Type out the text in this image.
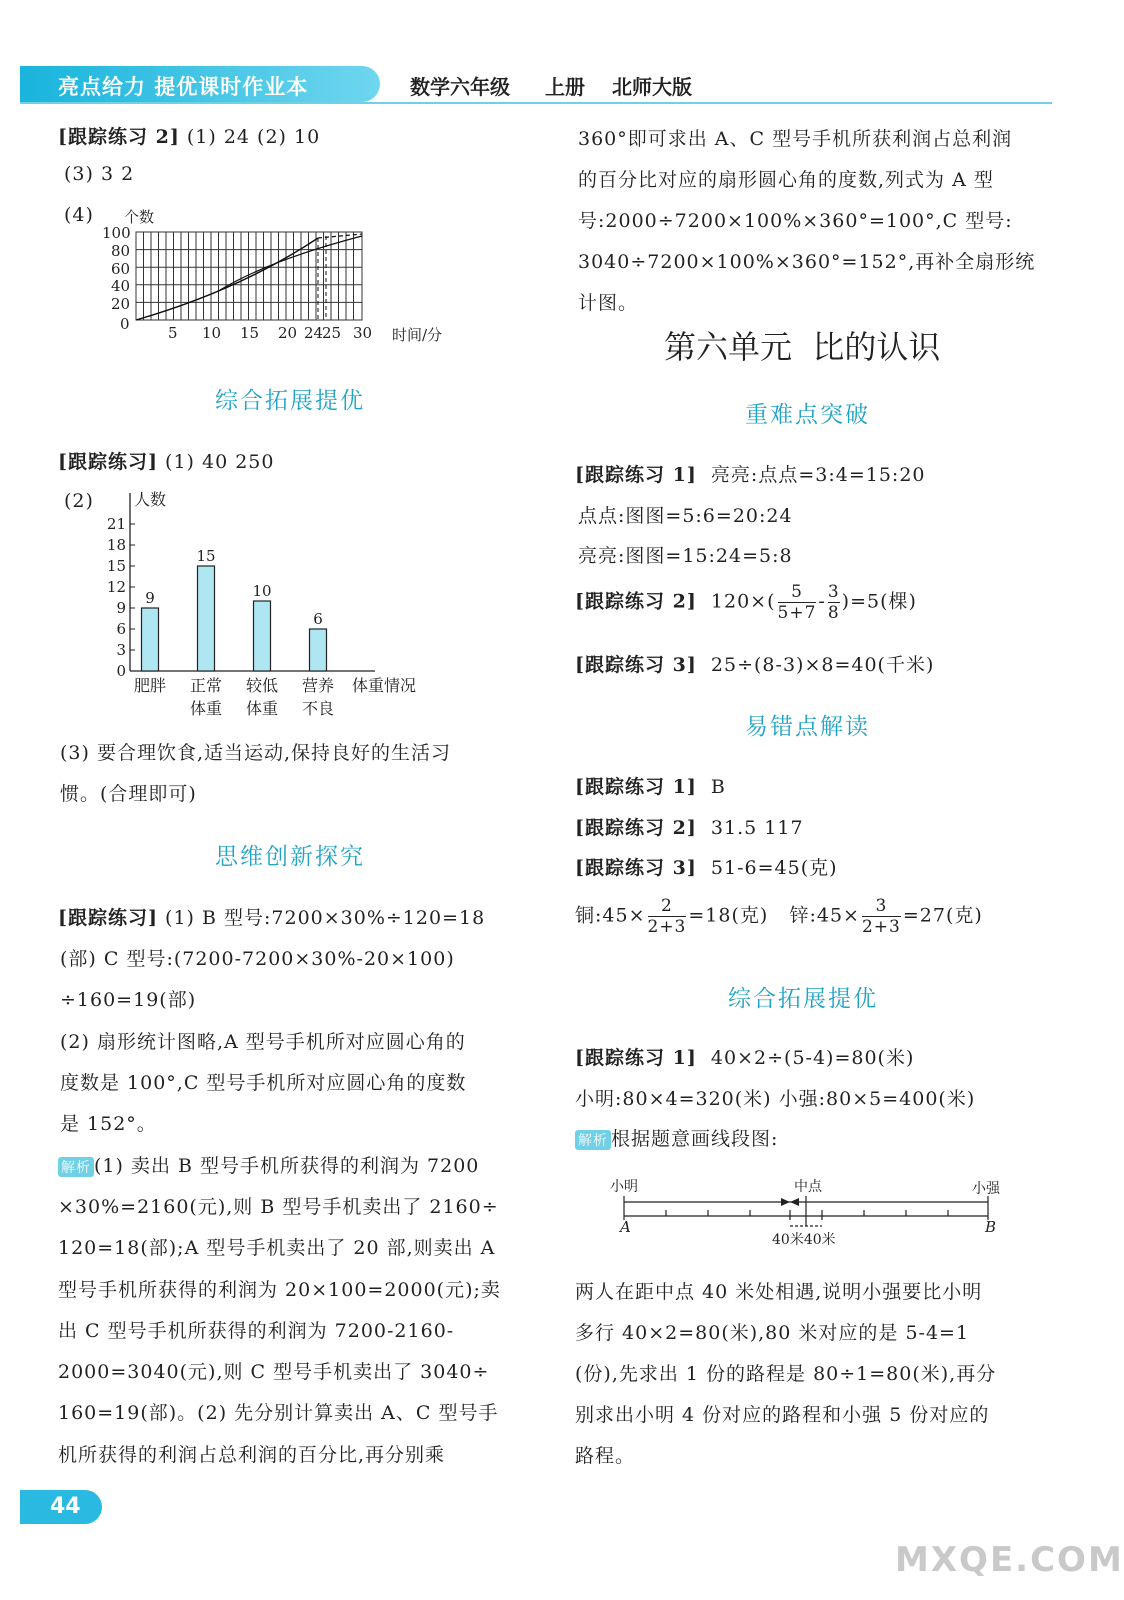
亮点给力 提优课时作业本	数学六年级 上册 北师大版
[跟踪练习 2] (1) 24 (2) 10
(3) 3 2
(4) 个数
100
80
60
40
20
0	5 10 15 20 24
25 30 时间/分
综合拓展提优
[跟踪练习] (1) 40 250
(2)	人数
体重情况
21
18
15
12
9
6
3
0
9
肥胖
15
正常
体重
10
较低
体重
6
营养
不良
(3) 要合理饮食,适当运动,保持良好的生活习
惯。(合理即可)
思维创新探究
[跟踪练习] (1) B 型号:7200×30%÷120=18
(部) C 型号:(7200-7200×30%-20×100)
÷160=19(部)
(2) 扇形统计图略,A 型号手机所对应圆心角的
度数是 100°,C 型号手机所对应圆心角的度数
是 152°。
解析 (1) 卖出 B 型号手机所获得的利润为 7200
×30%=2160(元),则 B 型号手机卖出了 2160÷
120=18(部);A 型号手机卖出了 20 部,则卖出 A
型号手机所获得的利润为 20×100=2000(元);卖
出 C 型号手机所获得的利润为 7200-2160-
2000=3040(元),则 C 型号手机卖出了 3040÷
160=19(部)。(2) 先分别计算卖出 A、C 型号手
机所获得的利润占总利润的百分比,再分别乘
360°即可求出 A、C 型号手机所获利润占总利润
的百分比对应的扇形圆心角的度数,列式为 A 型
号:2000÷7200×100%×360°=100°,C 型号:
3040÷7200×100%×360°=152°,再补全扇形统
计图。
第六单元  比的认识
重难点突破
[跟踪练习 1] 亮亮:点点=3:4=15:20
点点:图图=5:6=20:24
亮亮:图图=15:24=5:8
[跟踪练习 2] $120\times( \frac{5}{5+7} - \frac{3}{8} )=5$(棵)
[跟踪练习 3] 25÷(8-3)×8=40(千米)
易错点解读
[跟踪练习 1] B
[跟踪练习 2] 31.5 117
[跟踪练习 3] 51-6=45(克)
铜:45× $\frac{2}{2+3} =18$(克) 锌:45× $\frac{3}{2+3} =27$(克)
综合拓展提优
[跟踪练习 1] 40×2÷(5-4)=80(米)
小明:80×4=320(米) 小强:80×5=400(米)
解析 根据题意画线段图:
小明	中点	小强
A	B
40米40米
两人在距中点 40 米处相遇,说明小强要比小明
多行 40×2=80(米),80 米对应的是 5-4=1
(份),先求出 1 份的路程是 80÷1=80(米),再分
别求出小明 4 份对应的路程和小强 5 份对应的
路程。
44
MXQE.COM
